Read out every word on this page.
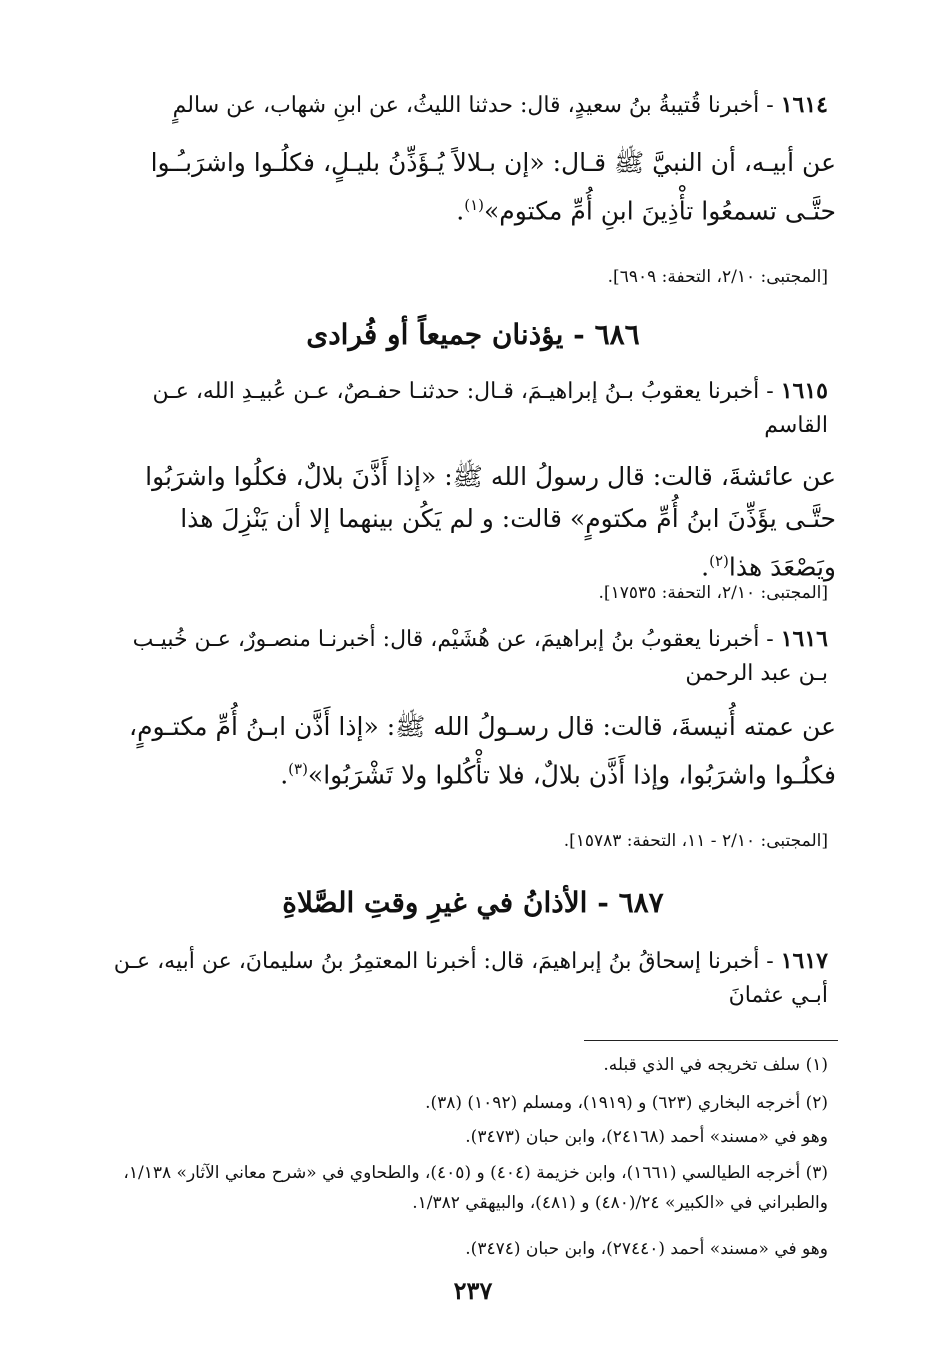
١٦١٤ - أخبرنا قُتيبةُ بنُ سعيدٍ، قال: حدثنا الليثُ، عن ابنِ شهاب، عن سالمٍ
عن أبيـه، أن النبيَّ ﷺ قـال: «إن بـلالاً يُـؤَذِّنُ بليـلٍ، فكلُـوا واشرَبـُـوا حتَّـى تسمعُوا تأْذِينَ ابنِ أُمِّ مكتوم»$^{(١)}$.
[المجتبى: ٢/١٠، التحفة: ٦٩٠٩].
٦٨٦ - يؤذنان جميعاً أو فُرادى
١٦١٥ - أخبرنا يعقوبُ بـنُ إبراهيـمَ، قـال: حدثنـا حفـصٌ، عـن عُبيـدِ الله، عـن القاسم
عن عائشةَ، قالت: قال رسولُ الله ﷺ: «إذا أَذَّنَ بلالٌ، فكلُوا واشرَبُوا حتَّـى يؤَذِّنَ ابنُ أُمِّ مكتومٍ» قالت: و لم يَكُن بينهما إلا أن يَنْزِلَ هذا ويَصْعَدَ هذا$^{(٢)}$.
[المجتبى: ٢/١٠، التحفة: ١٧٥٣٥].
١٦١٦ - أخبرنا يعقوبُ بنُ إبراهيمَ، عن هُشَيْم، قال: أخبرنـا منصـورٌ، عـن خُبيـب بـن عبد الرحمن
عن عمته أُنيسةَ، قالت: قال رسـولُ الله ﷺ: «إذا أَذَّن ابـنُ أُمِّ مكتـومٍ، فكلُـوا واشرَبُوا، وإذا أَذَّن بلالٌ، فلا تأْكُلوا ولا تَشْرَبُوا»$^{(٣)}$.
[المجتبى: ٢/١٠ - ١١، التحفة: ١٥٧٨٣].
٦٨٧ - الأذانُ في غيرِ وقتِ الصَّلاةِ
١٦١٧ - أخبرنا إسحاقُ بنُ إبراهيمَ، قال: أخبرنا المعتمِرُ بنُ سليمانَ، عن أبيه، عـن أبـي عثمانَ
(١) سلف تخريجه في الذي قبله.
(٢) أخرجه البخاري (٦٢٣) و (١٩١٩)، ومسلم (١٠٩٢) (٣٨).
وهو في «مسند» أحمد (٢٤١٦٨)، وابن حبان (٣٤٧٣).
(٣) أخرجه الطيالسي (١٦٦١)، وابن خزيمة (٤٠٤) و (٤٠٥)، والطحاوي في «شرح معاني الآثار» ١/١٣٨، والطبراني في «الكبير» ٢٤/(٤٨٠) و (٤٨١)، والبيهقي ١/٣٨٢.
وهو في «مسند» أحمد (٢٧٤٤٠)، وابن حبان (٣٤٧٤).
٢٣٧
